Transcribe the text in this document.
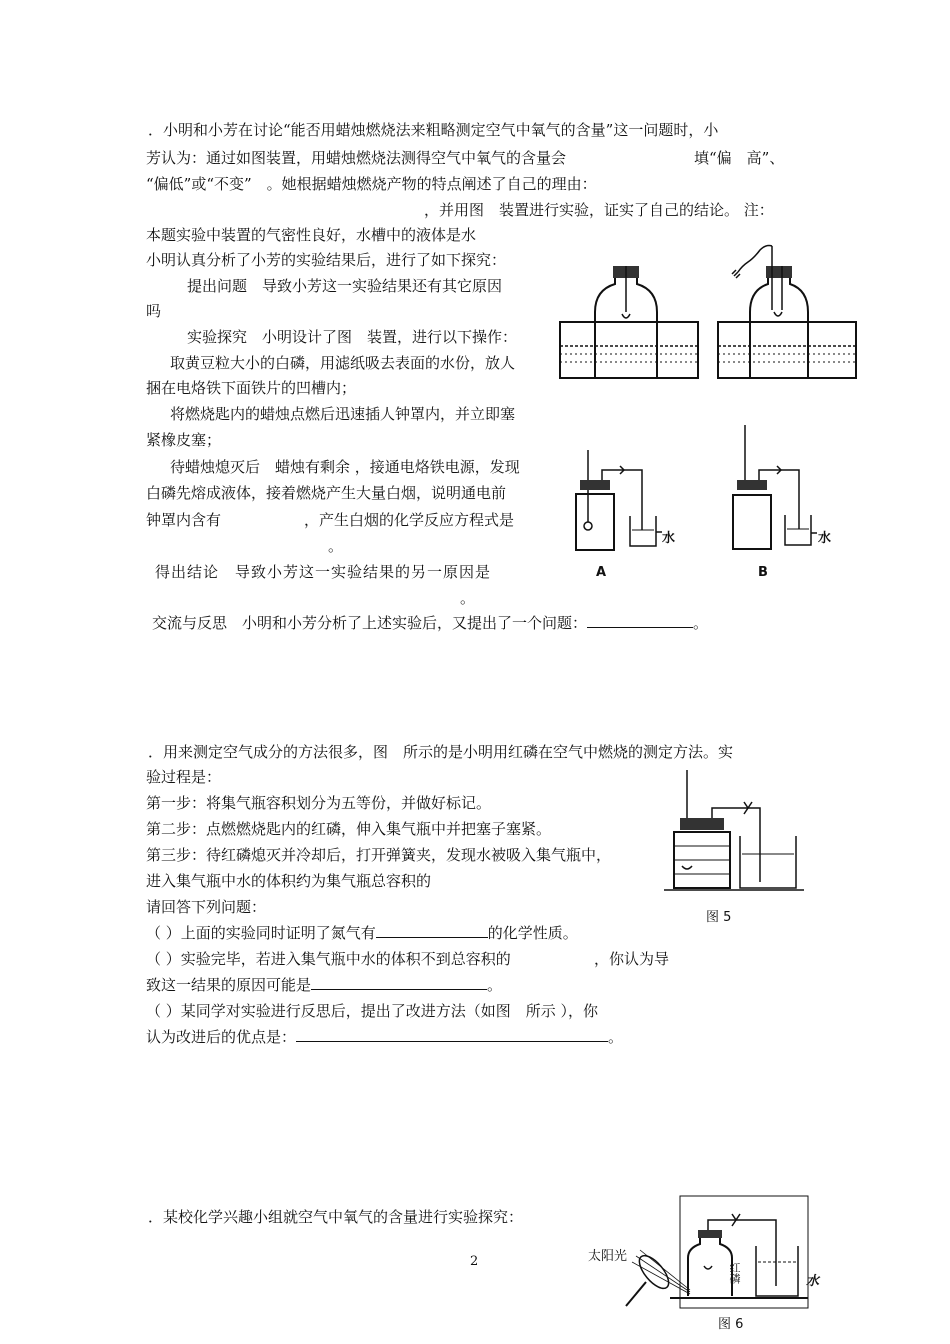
．小明和小芳在讨论“能否用蜡烛燃烧法来粗略测定空气中氧气的含量”这一问题时，小
芳认为：通过如图装置，用蜡烛燃烧法测得空气中氧气的含量会	填“偏　高”、
“偏低”或“不变”　。她根据蜡烛燃烧产物的特点阐述了自己的理由：
，并用图　装置进行实验，证实了自己的结论。 注：
本题实验中装置的气密性良好，水槽中的液体是水
小明认真分析了小芳的实验结果后，进行了如下探究：
提出问题　导致小芳这一实验结果还有其它原因
吗
实验探究　小明设计了图　装置，进行以下操作：
取黄豆粒大小的白磷，用滤纸吸去表面的水份，放人
捆在电烙铁下面铁片的凹槽内；
将燃烧匙内的蜡烛点燃后迅速插人钟罩内，并立即塞
紧橡皮塞；
待蜡烛熄灭后　蜡烛有剩余 ，接通电烙铁电源，发现
白磷先熔成液体，接着燃烧产生大量白烟，说明通电前
钟罩内含有	，产生白烟的化学反应方程式是
。
得出结论　导致小芳这一实验结果的另一原因是
。
交流与反思　小明和小芳分析了上述实验后，又提出了一个问题：	。
水
A
水
B
．用来测定空气成分的方法很多，图　所示的是小明用红磷在空气中燃烧的测定方法。实
验过程是：
第一步：将集气瓶容积划分为五等份，并做好标记。
第二步：点燃燃烧匙内的红磷，伸入集气瓶中并把塞子塞紧。
第三步：待红磷熄灭并冷却后，打开弹簧夹，发现水被吸入集气瓶中，
进入集气瓶中水的体积约为集气瓶总容积的
请回答下列问题：
（ ）上面的实验同时证明了氮气有	的化学性质。
（ ）实验完毕，若进入集气瓶中水的体积不到总容积的	，你认为导
致这一结果的原因可能是	。
（ ）某同学对实验进行反思后，提出了改进方法（如图　所示 ），你
认为改进后的优点是：	。
图 5
．某校化学兴趣小组就空气中氧气的含量进行实验探究：
太阳光
红磷	水
图 6
2
